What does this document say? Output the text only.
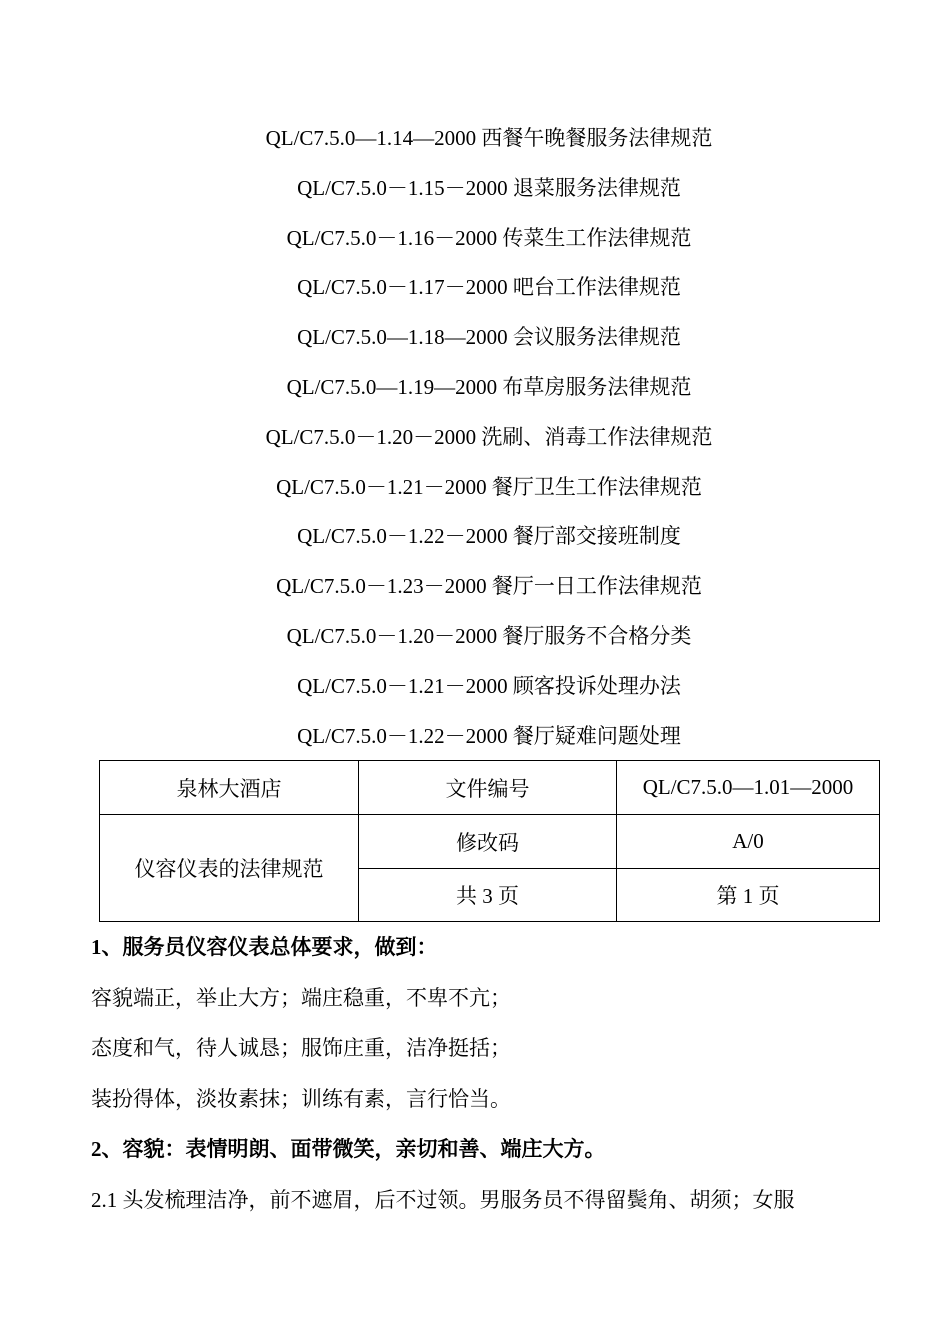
QL/C7.5.0—1.14—2000 西餐午晚餐服务法律规范
QL/C7.5.0－1.15－2000 退菜服务法律规范
QL/C7.5.0－1.16－2000 传菜生工作法律规范
QL/C7.5.0－1.17－2000 吧台工作法律规范
QL/C7.5.0—1.18—2000 会议服务法律规范
QL/C7.5.0—1.19—2000 布草房服务法律规范
QL/C7.5.0－1.20－2000 洗刷、消毒工作法律规范
QL/C7.5.0－1.21－2000 餐厅卫生工作法律规范
QL/C7.5.0－1.22－2000 餐厅部交接班制度
QL/C7.5.0－1.23－2000 餐厅一日工作法律规范
QL/C7.5.0－1.20－2000 餐厅服务不合格分类
QL/C7.5.0－1.21－2000 顾客投诉处理办法
QL/C7.5.0－1.22－2000 餐厅疑难问题处理
泉林大酒店	文件编号	QL/C7.5.0—1.01—2000
仪容仪表的法律规范	修改码	A/0
	共 3 页	第 1 页
1、服务员仪容仪表总体要求，做到：
容貌端正，举止大方；端庄稳重，不卑不亢；
态度和气，待人诚恳；服饰庄重，洁净挺括；
装扮得体，淡妆素抹；训练有素，言行恰当。
2、容貌：表情明朗、面带微笑，亲切和善、端庄大方。
2.1 头发梳理洁净，前不遮眉，后不过领。男服务员不得留鬓角、胡须；女服
